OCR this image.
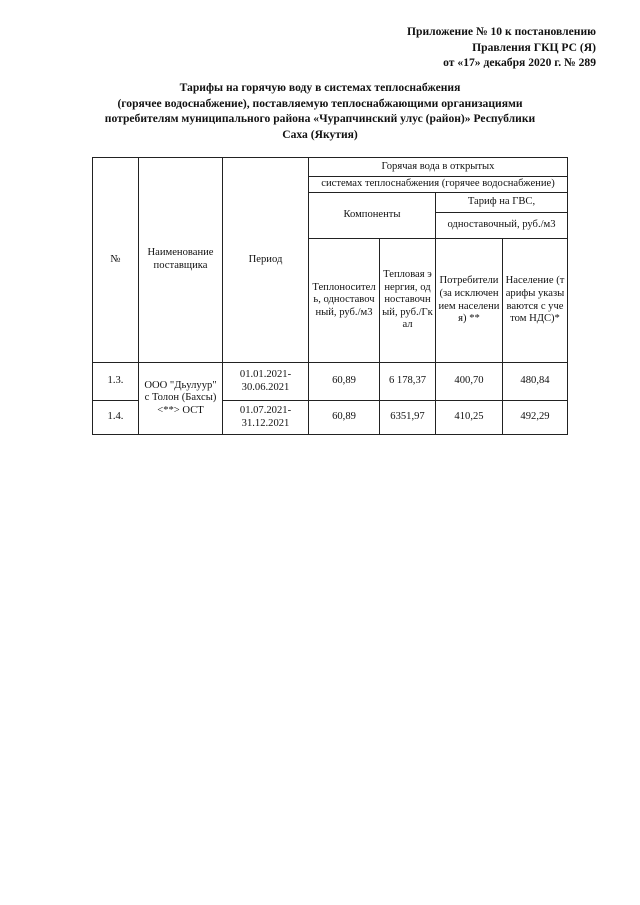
Приложение № 10 к постановлению
Правления ГКЦ РС (Я)
от «17» декабря 2020 г. № 289
Тарифы на горячую воду в системах теплоснабжения
(горячее водоснабжение), поставляемую теплоснабжающими организациями
потребителям муниципального района «Чурапчинский улус (район)» Республики
Саха (Якутия)
№	Наименование поставщика	Период	Горячая вода в открытых			
			системах теплоснабжения (горячее водоснабжение)			
			Компоненты		Тариф на ГВС,	
					одноставочный, руб./м3	
			Теплоноситель, одноставочный, руб./м3	Тепловая энергия, одноставочный, руб./Гкал	Потребители (за исключением населения) **	Население (тарифы указываются с учетом НДС)*
1.3.	ООО "Дьулуур" с Толон (Бахсы) <**> ОСТ	01.01.2021-30.06.2021	60,89	6 178,37	400,70	480,84
1.4.		01.07.2021-31.12.2021	60,89	6351,97	410,25	492,29
